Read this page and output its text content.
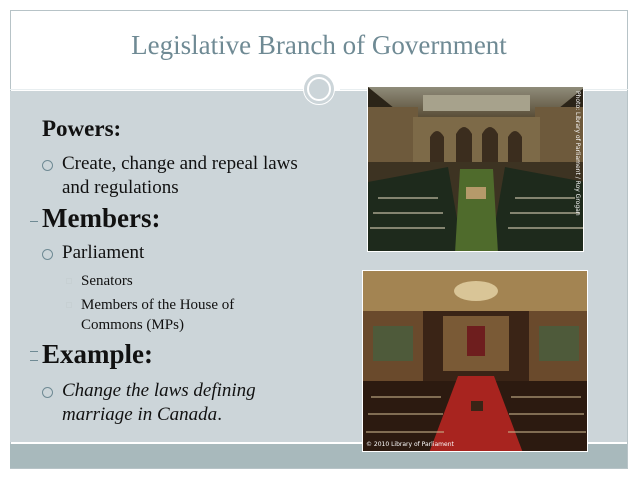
Legislative Branch of Government
Powers:
Create, change and repeal laws and regulations
Members:
Parliament
Senators
Members of the House of Commons (MPs)
Example:
Change the laws defining marriage in Canada.
Photo: Library of Parliament / Roy Grogan
© 2010 Library of Parliament
